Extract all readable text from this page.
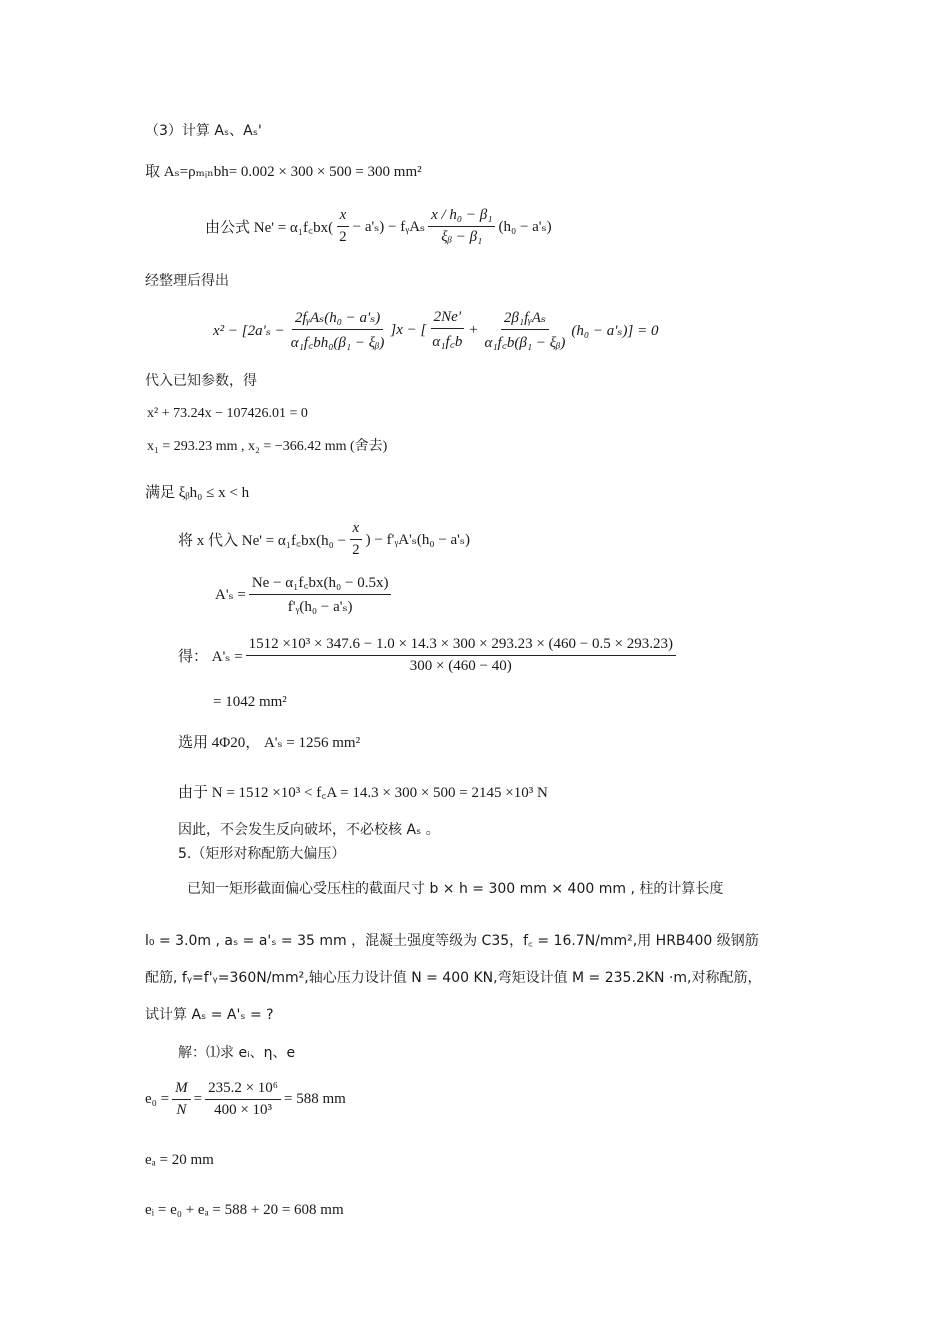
（3）计算 Aₛ、Aₛ'
取 Aₛ=ρₘᵢₙbh= 0.002 × 300 × 500 = 300 mm²
由公式 Ne' = α₁f꜀bx( $\frac{x}{2} - a'_s$) − fᵧAₛ $\frac{\text{x / h₀ − β₁}}{\text{ξᵦ − β₁}} (h_0 - a'_s)$
经整理后得出
$x^2 - [2a'_s - \frac{\text{2fᵧAₛ(h₀ − a'ₛ)}}{\text{α₁f꜀bh₀(β₁ − ξᵦ)}} ]x$ − [ $\frac{2Ne'}{\text{α₁f꜀b}} + \frac{\text{2β₁fᵧAₛ}}{\text{α₁f꜀b(β₁ − ξᵦ)}} (h_0 - a'_s)] = 0$
代入已知参数，得
x² + 73.24x − 107426.01 = 0
x₁ = 293.23 mm , x₂ = −366.42 mm (舍去)
满足 ξᵦh₀ ≤ x < h
将 x 代入 Ne' = α₁f꜀bx(h₀ − $\frac{x}{2}$ ) − f'ᵧA'ₛ(h₀ − a'ₛ)
$A'_s = \frac{\text{Ne − α₁f꜀bx(h₀ − 0.5x)}}{\text{f'ᵧ(h₀ − a'ₛ)}}$
得： A'ₛ =
1512 ×10³ × 347.6 − 1.0 × 14.3 × 300 × 293.23 × (460 − 0.5 × 293.23)
300 × (460 − 40)
= 1042 mm²
选用 4Φ20， A'ₛ = 1256 mm²
由于 N = 1512 ×10³ < f꜀A = 14.3 × 300 × 500 = 2145 ×10³ N
因此，不会发生反向破坏，不必校核 Aₛ 。
5.（矩形对称配筋大偏压）
已知一矩形截面偏心受压柱的截面尺寸 b × h = 300 mm × 400 mm , 柱的计算长度
l₀ = 3.0m , aₛ = a'ₛ = 35 mm ，混凝土强度等级为 C35，f꜀ = 16.7N/mm²,用 HRB400 级钢筋
配筋, fᵧ=f'ᵧ=360N/mm²,轴心压力设计值 N = 400 KN,弯矩设计值 M = 235.2KN ·m,对称配筋，
试计算 Aₛ = A'ₛ = ?
解：⑴求 eᵢ、η、e
$e_0 = \frac{M}{N} = \frac{\text{235.2 × 10⁶}}{\text{400 × 10³}} = 588$ mm
eₐ = 20 mm
eᵢ = e₀ + eₐ = 588 + 20 = 608 mm
